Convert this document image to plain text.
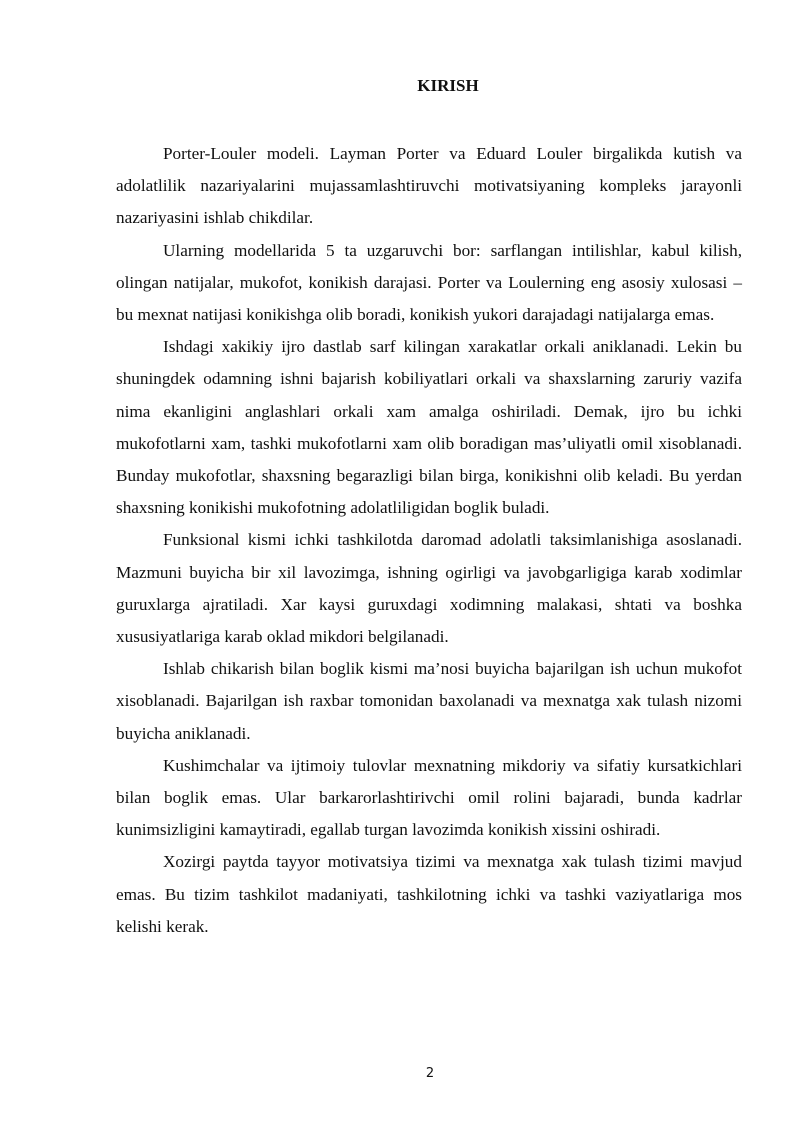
KIRISH

Porter-Louler modeli. Layman Porter va Eduard Louler birgalikda kutish va adolatlilik nazariyalarini mujassamlashtiruvchi motivatsiyaning kompleks jarayonli nazariyasini ishlab chikdilar.

Ularning modellarida 5 ta uzgaruvchi bor: sarflangan intilishlar, kabul kilish, olingan natijalar, mukofot, konikish darajasi. Porter va Loulerning eng asosiy xulosasi – bu mexnat natijasi konikishga olib boradi, konikish yukori darajadagi natijalarga emas.

Ishdagi xakikiy ijro dastlab sarf kilingan xarakatlar orkali aniklanadi. Lekin bu shuningdek odamning ishni bajarish kobiliyatlari orkali va shaxslarning zaruriy vazifa nima ekanligini anglashlari orkali xam amalga oshiriladi. Demak, ijro bu ichki mukofotlarni xam, tashki mukofotlarni xam olib boradigan mas’uliyatli omil xisoblanadi. Bunday mukofotlar, shaxsning begarazligi bilan birga, konikishni olib keladi. Bu yerdan shaxsning konikishi mukofotning adolatliligidan boglik buladi.

Funksional kismi ichki tashkilotda daromad adolatli taksimlanishiga asoslanadi. Mazmuni buyicha bir xil lavozimga, ishning ogirligi va javobgarligiga karab xodimlar guruxlarga ajratiladi. Xar kaysi guruxdagi xodimning malakasi, shtati va boshka xususiyatlariga karab oklad mikdori belgilanadi.

Ishlab chikarish bilan boglik kismi ma’nosi buyicha bajarilgan ish uchun mukofot xisoblanadi. Bajarilgan ish raxbar tomonidan baxolanadi va mexnatga xak tulash nizomi buyicha aniklanadi.

Kushimchalar va ijtimoiy tulovlar mexnatning mikdoriy va sifatiy kursatkichlari bilan boglik emas. Ular barkarorlashtirivchi omil rolini bajaradi, bunda kadrlar kunimsizligini kamaytiradi, egallab turgan lavozimda konikish xissini oshiradi.

Xozirgi paytda tayyor motivatsiya tizimi va mexnatga xak tulash tizimi mavjud emas. Bu tizim tashkilot madaniyati, tashkilotning ichki va tashki vaziyatlariga mos kelishi kerak.

2
